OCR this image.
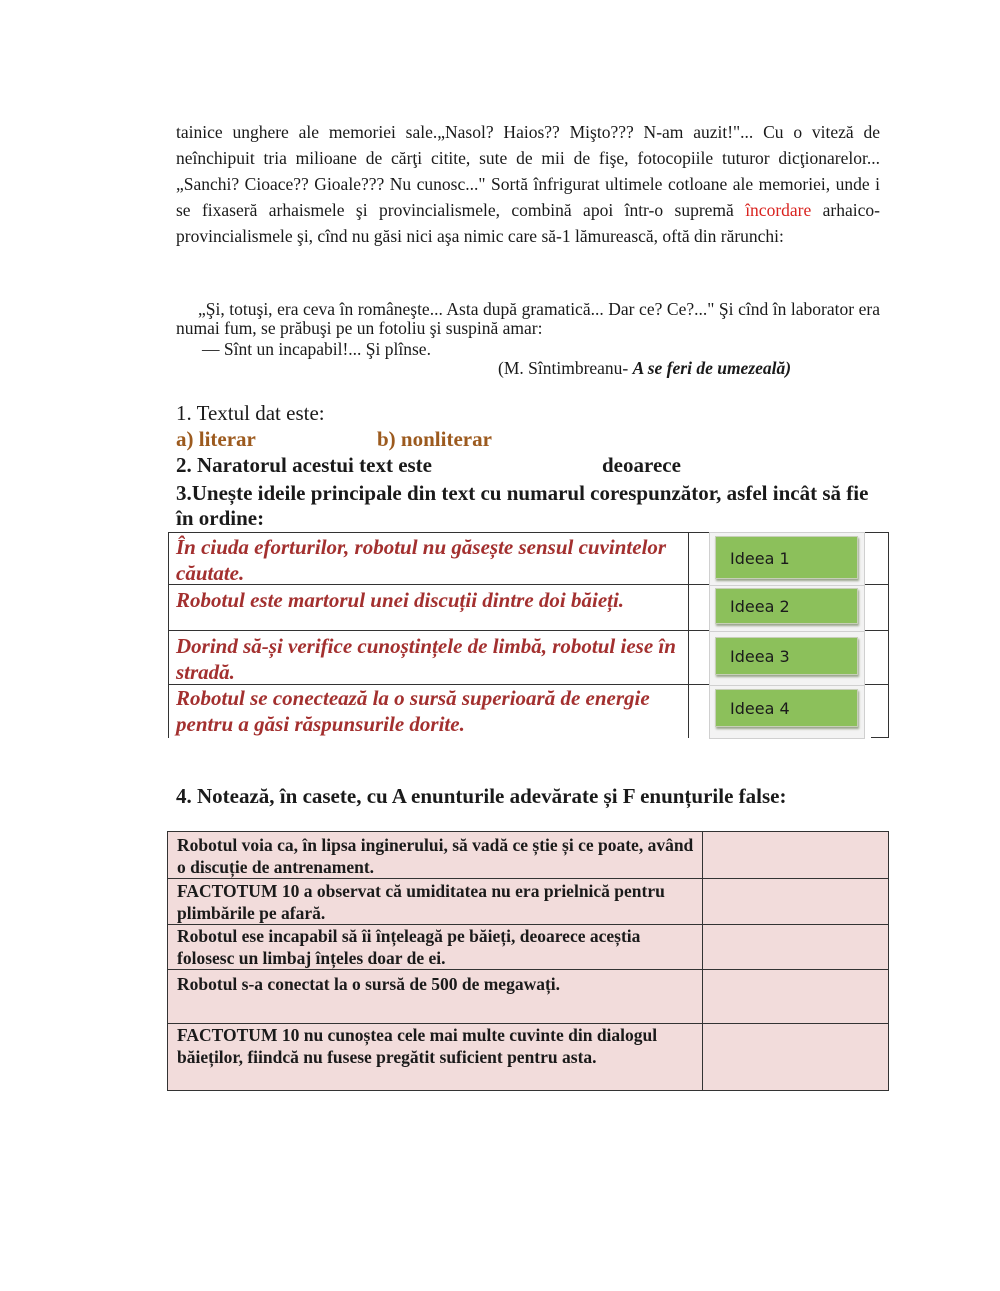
tainice unghere ale memoriei sale.„Nasol? Haios?? Mişto??? N-am auzit!"... Cu o viteză de neînchipuit tria milioane de cărţi citite, sute de mii de fişe, fotocopiile tuturor dicţionarelor... „Sanchi? Cioace?? Gioale??? Nu cunosc..." Sortă înfrigurat ultimele cotloane ale memoriei, unde i se fixaseră arhaismele şi provincialismele, combină apoi într-o supremă încordare arhaico-provincialismele şi, cînd nu găsi nici aşa nimic care să-1 lămurească, oftă din rărunchi:

„Şi, totuşi, era ceva în româneşte... Asta după gramatică... Dar ce? Ce?..." Şi cînd în laborator era numai fum, se prăbuşi pe un fotoliu şi suspină amar:
— Sînt un incapabil!... Şi plînse.
(M. Sîntimbreanu- A se feri de umezeală)
1. Textul dat este:
a) literar	b) nonliterar
2. Naratorul acestui text este	deoarece
3.Unește ideile principale din text cu numarul corespunzător, asfel incât să fie în ordine:
În ciuda eforturilor, robotul nu găsește sensul cuvintelor căutate.
Robotul este martorul unei discuții dintre doi băieți.
Dorind să-și verifice cunoștințele de limbă, robotul iese în stradă.
Robotul se conectează la o sursă superioară de energie pentru a găsi răspunsurile dorite.
Ideea 1
Ideea 2
Ideea 3
Ideea 4
4. Notează, în casete, cu A enunturile adevărate și F enunțurile false:
Robotul voia ca, în lipsa inginerului, să vadă ce știe și ce poate, având o discuție de antrenament.
FACTOTUM 10 a observat că umiditatea nu era prielnică pentru plimbările pe afară.
Robotul ese incapabil să îi înțeleagă pe băieți, deoarece aceștia folosesc un limbaj înțeles doar de ei.
Robotul s-a conectat la o sursă de 500 de megawați.
FACTOTUM 10 nu cunoștea cele mai multe cuvinte din dialogul băieților, fiindcă nu fusese pregătit suficient pentru asta.
